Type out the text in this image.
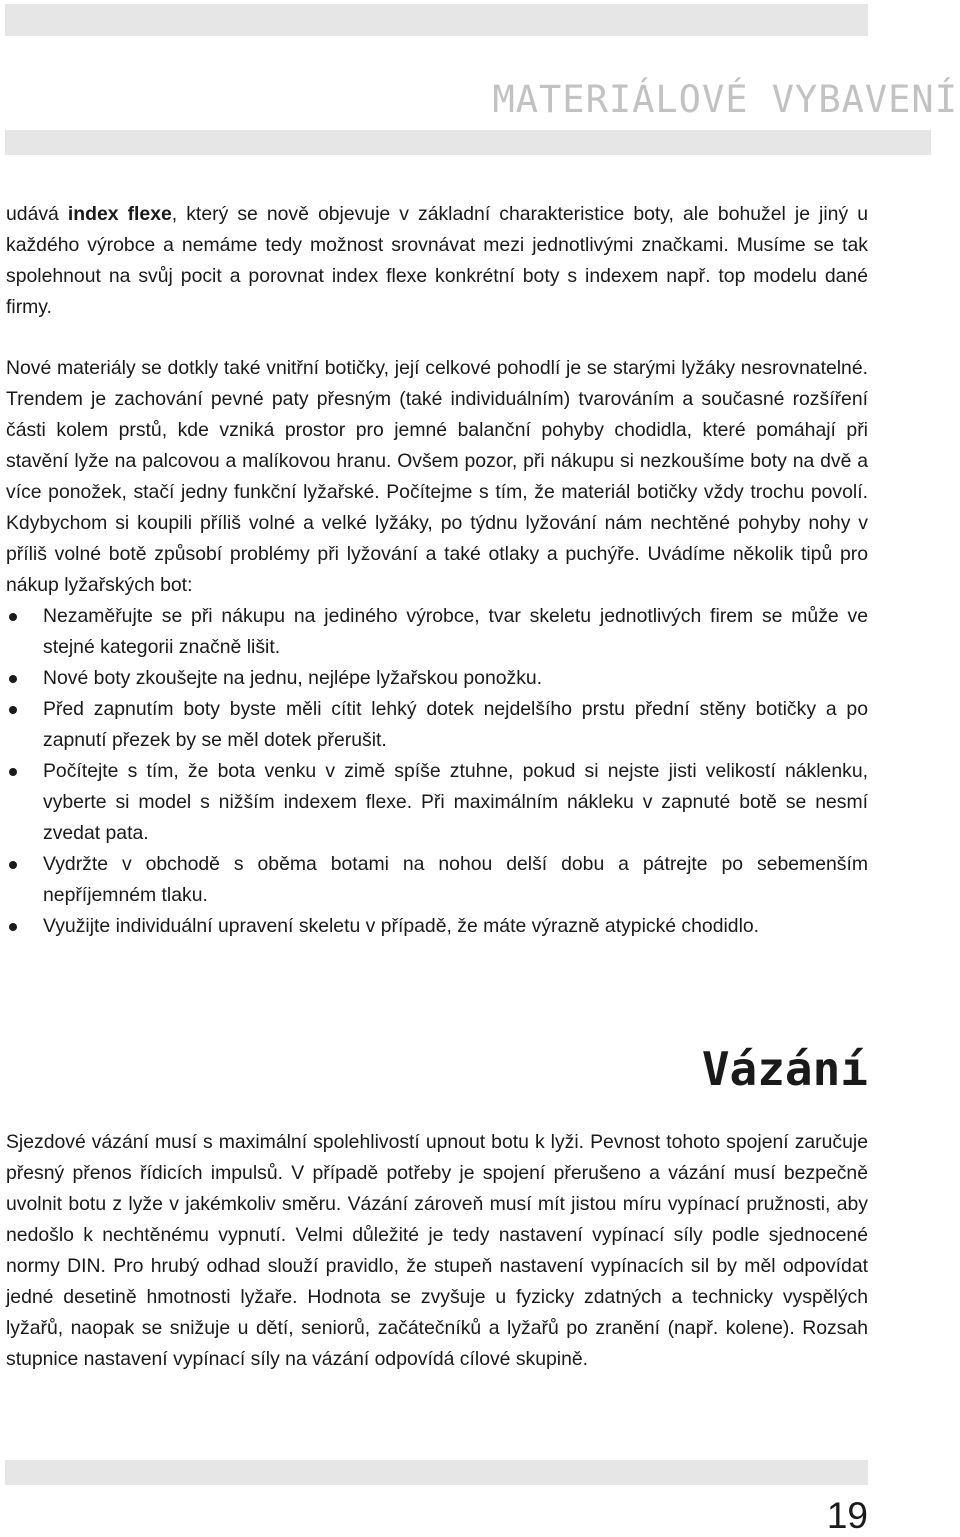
MATERIÁLOVÉ VYBAVENÍ

udává index flexe, který se nově objevuje v základní charakteristice boty, ale bohužel je jiný u každého výrobce a nemáme tedy možnost srovnávat mezi jednotlivými značkami. Musíme se tak spolehnout na svůj pocit a porovnat index flexe konkrétní boty s indexem např. top modelu dané firmy.

Nové materiály se dotkly také vnitřní botičky, její celkové pohodlí je se starými lyžáky nesrovnatelné. Trendem je zachování pevné paty přesným (také individuálním) tvarováním a současné rozšíření části kolem prstů, kde vzniká prostor pro jemné balanční pohyby chodidla, které pomáhají při stavění lyže na palcovou a malíkovou hranu. Ovšem pozor, při nákupu si nezkoušíme boty na dvě a více ponožek, stačí jedny funkční lyžařské. Počítejme s tím, že materiál botičky vždy trochu povolí. Kdybychom si koupili příliš volné a velké lyžáky, po týdnu lyžování nám nechtěné pohyby nohy v příliš volné botě způsobí problémy při lyžování a také otlaky a puchýře. Uvádíme několik tipů pro nákup lyžařských bot:

Nezaměřujte se při nákupu na jediného výrobce, tvar skeletu jednotlivých firem se může ve stejné kategorii značně lišit.
Nové boty zkoušejte na jednu, nejlépe lyžařskou ponožku.
Před zapnutím boty byste měli cítit lehký dotek nejdelšího prstu přední stěny botičky a po zapnutí přezek by se měl dotek přerušit.
Počítejte s tím, že bota venku v zimě spíše ztuhne, pokud si nejste jisti velikostí náklenku, vyberte si model s nižším indexem flexe. Při maximálním nákleku v zapnuté botě se nesmí zvedat pata.
Vydržte v obchodě s oběma botami na nohou delší dobu a pátrejte po sebemenším nepříjemném tlaku.
Využijte individuální upravení skeletu v případě, že máte výrazně atypické chodidlo.
Vázání

Sjezdové vázání musí s maximální spolehlivostí upnout botu k lyži. Pevnost tohoto spojení zaručuje přesný přenos řídicích impulsů. V případě potřeby je spojení přerušeno a vázání musí bezpečně uvolnit botu z lyže v jakémkoliv směru. Vázání zároveň musí mít jistou míru vypínací pružnosti, aby nedošlo k nechtěnému vypnutí. Velmi důležité je tedy nastavení vypínací síly podle sjednocené normy DIN. Pro hrubý odhad slouží pravidlo, že stupeň nastavení vypínacích sil by měl odpovídat jedné desetině hmotnosti lyžaře. Hodnota se zvyšuje u fyzicky zdatných a technicky vyspělých lyžařů, naopak se snižuje u dětí, seniorů, začátečníků a lyžařů po zranění (např. kolene). Rozsah stupnice nastavení vypínací síly na vázání odpovídá cílové skupině.

19
